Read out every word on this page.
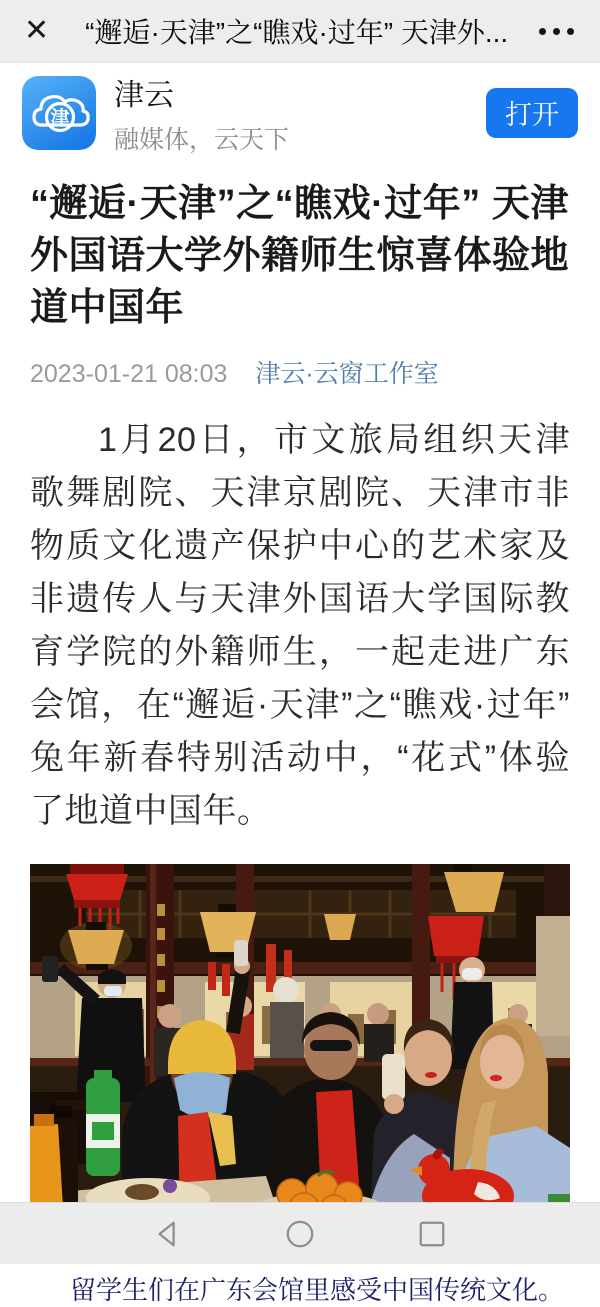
✕ “邂逅·天津”之“瞧戏·过年” 天津外...
津
津云
融媒体，云天下
打开
“邂逅·天津”之“瞧戏·过年” 天津外国语大学外籍师生惊喜体验地道中国年
2023-01-21 08:03 津云·云窗工作室

1月20日，市文旅局组织天津歌舞剧院、天津京剧院、天津市非物质文化遗产保护中心的艺术家及非遗传人与天津外国语大学国际教育学院的外籍师生，一起走进广东会馆，在“邂逅·天津”之“瞧戏·过年”兔年新春特别活动中，“花式”体验了地道中国年。

留学生们在广东会馆里感受中国传统文化。
